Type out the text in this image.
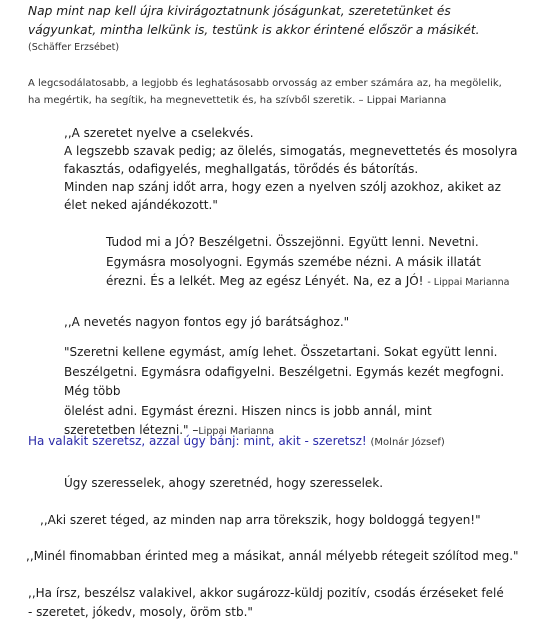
Nap mint nap kell újra kivirágoztatnunk jóságunkat, szeretetünket és

vágyunkat, mintha lelkünk is, testünk is akkor érintené először a másikét.

(Schäffer Erzsébet)

A legcsodálatosabb, a legjobb és leghatásosabb orvosság az ember számára az, ha megölelik,

ha megértik, ha segítik, ha megnevettetik és, ha szívből szeretik. – Lippai Marianna

,,A szeretet nyelve a cselekvés.

A legszebb szavak pedig; az ölelés, simogatás, megnevettetés és mosolyra

fakasztás, odafigyelés, meghallgatás, törődés és bátorítás.

Minden nap szánj időt arra, hogy ezen a nyelven szólj azokhoz, akiket az

élet neked ajándékozott."

Tudod mi a JÓ? Beszélgetni. Összejönni. Együtt lenni. Nevetni.

Egymásra mosolyogni. Egymás szemébe nézni. A másik illatát

érezni. És a lelkét. Meg az egész Lényét. Na, ez a JÓ! - Lippai Marianna

,,A nevetés nagyon fontos egy jó barátsághoz."

"Szeretni kellene egymást, amíg lehet. Összetartani. Sokat együtt lenni.

Beszélgetni. Egymásra odafigyelni. Beszélgetni. Egymás kezét megfogni. Még több

ölelést adni. Egymást érezni. Hiszen nincs is jobb annál, mint

szeretetben létezni." –Lippai Marianna

Ha valakit szeretsz, azzal úgy bánj: mint, akit - szeretsz! (Molnár József)

Úgy szeresselek, ahogy szeretnéd, hogy szeresselek.

,,Aki szeret téged, az minden nap arra törekszik, hogy boldoggá tegyen!"

,,Minél finomabban érinted meg a másikat, annál mélyebb rétegeit szólítod meg."

,,Ha írsz, beszélsz valakivel, akkor sugározz-küldj pozitív, csodás érzéseket felé

- szeretet, jókedv, mosoly, öröm stb."
